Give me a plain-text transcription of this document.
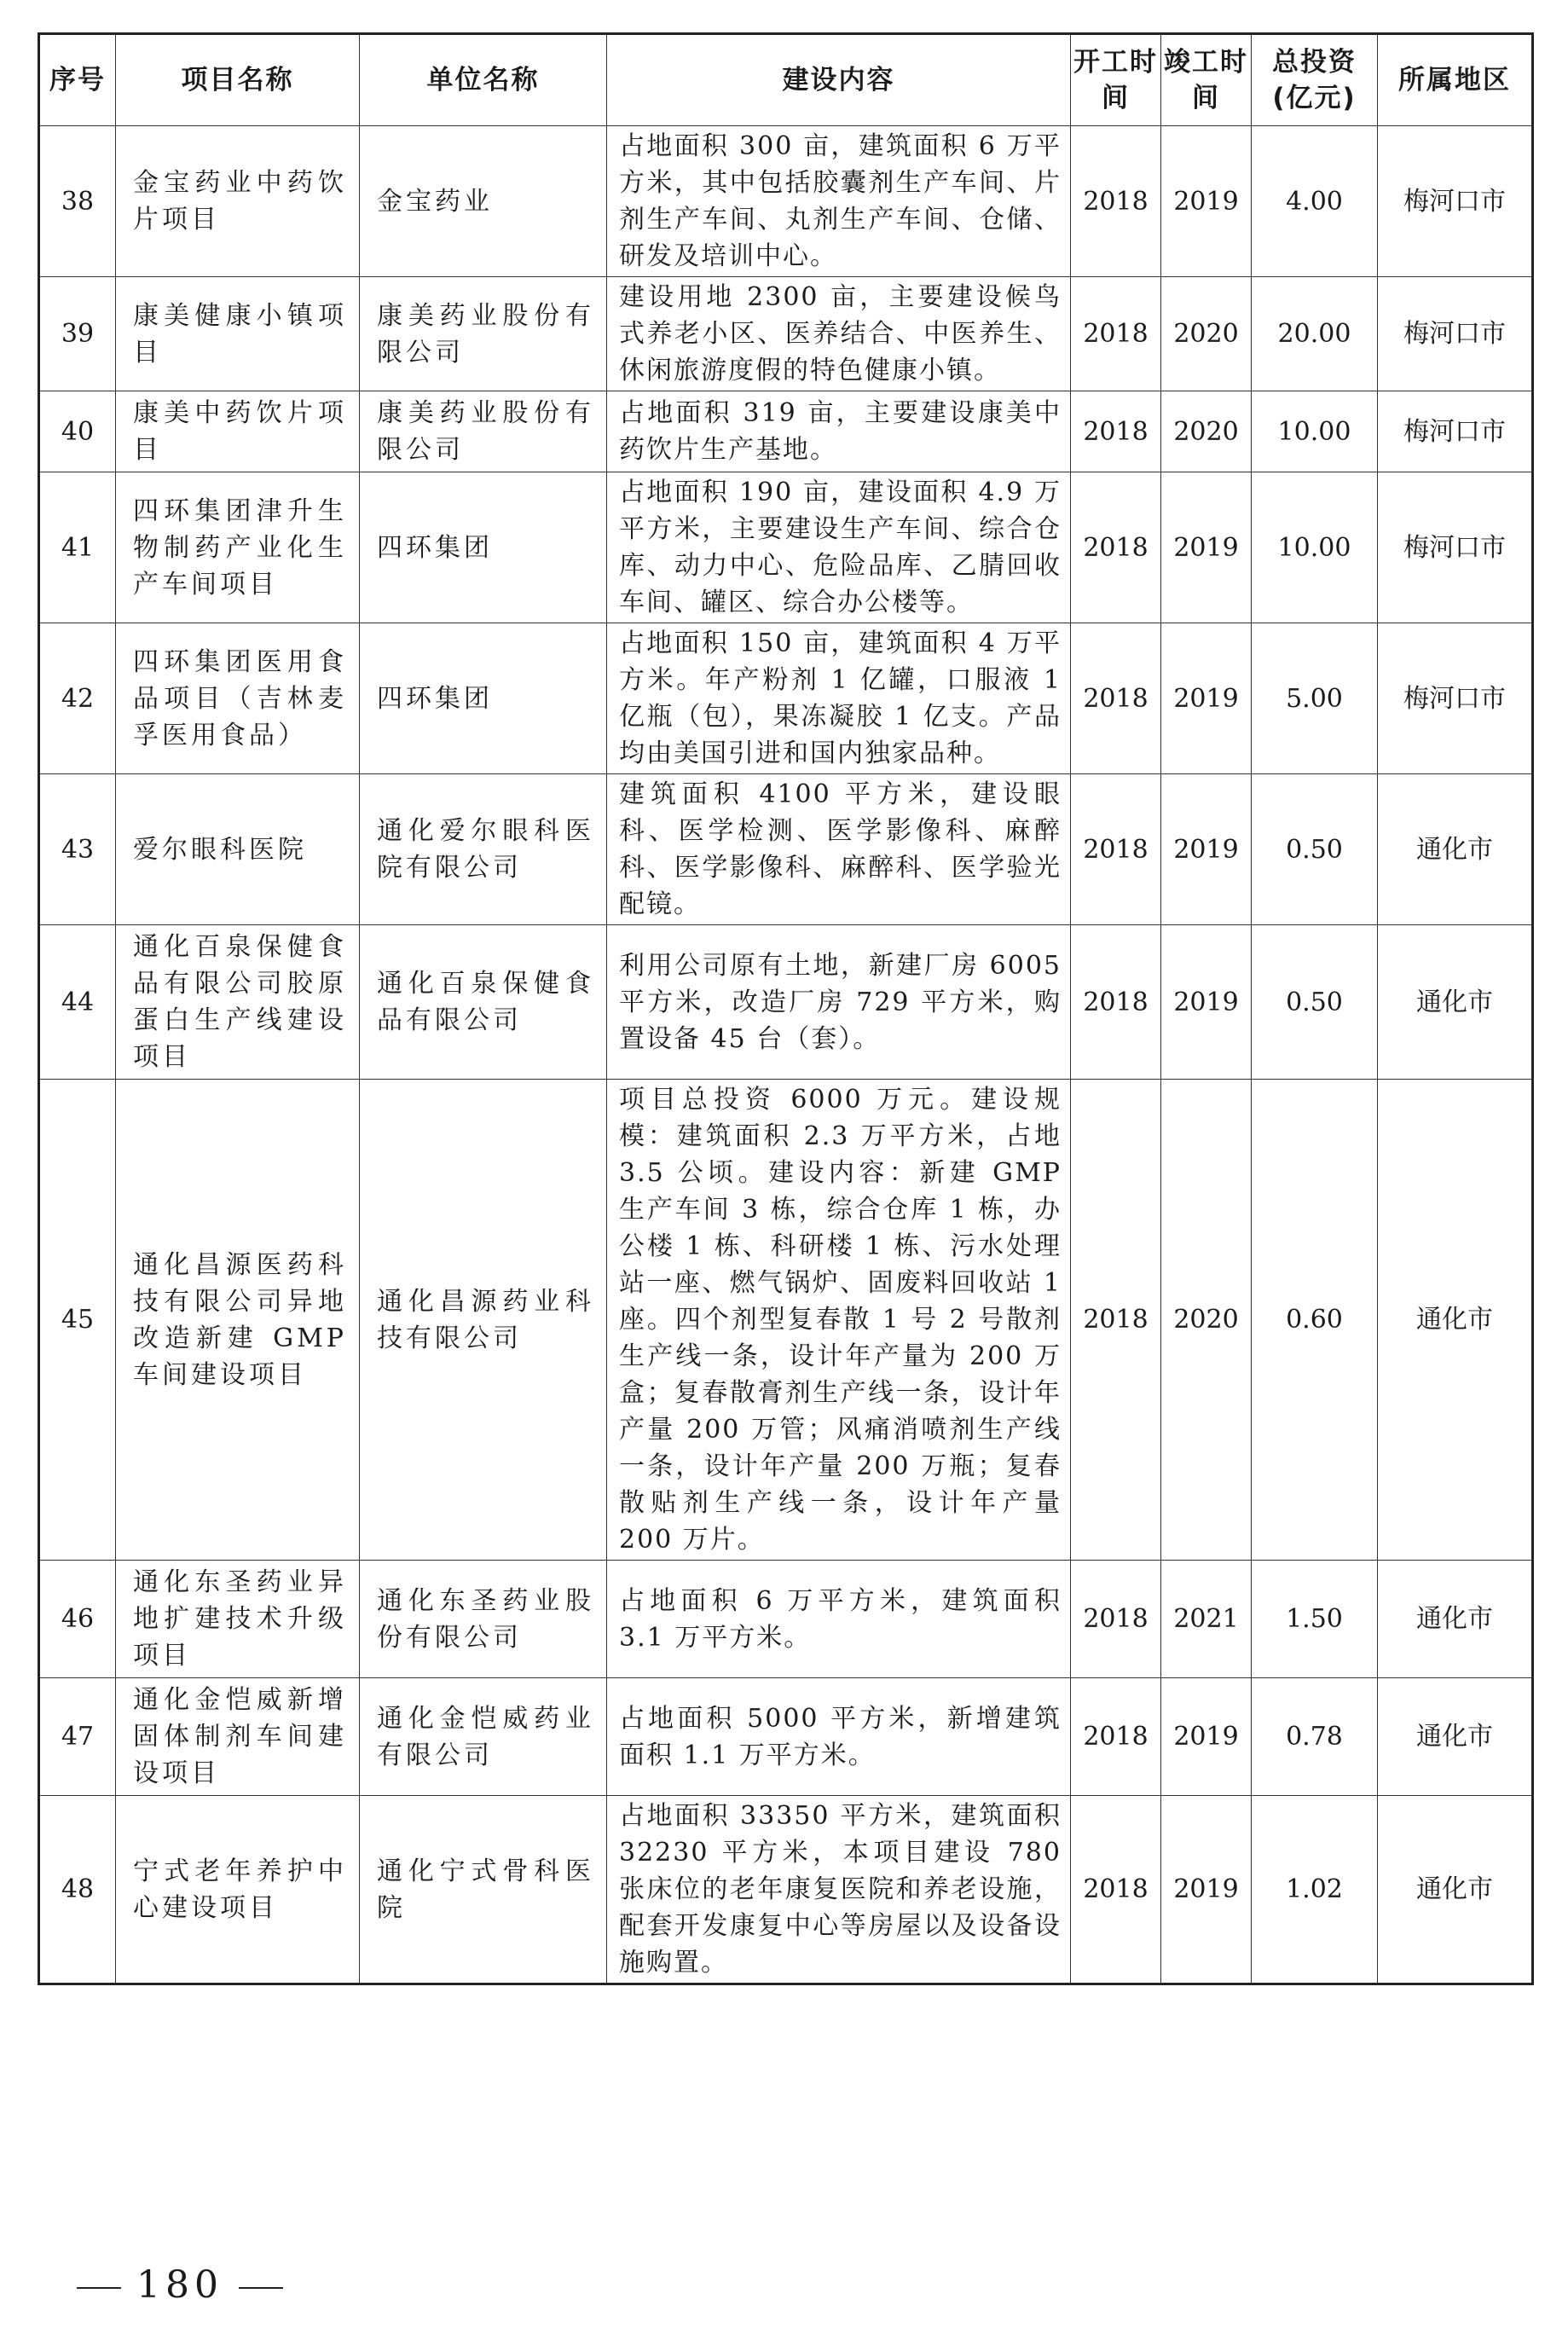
序号	项目名称	单位名称	建设内容	开工时间	竣工时间	总投资(亿元)	所属地区
38	金宝药业中药饮片项目	金宝药业	占地面积 300 亩，建筑面积 6 万平方米，其中包括胶囊剂生产车间、片剂生产车间、丸剂生产车间、仓储、研发及培训中心。	2018	2019	4.00	梅河口市
39	康美健康小镇项目	康美药业股份有限公司	建设用地 2300 亩，主要建设候鸟式养老小区、医养结合、中医养生、休闲旅游度假的特色健康小镇。	2018	2020	20.00	梅河口市
40	康美中药饮片项目	康美药业股份有限公司	占地面积 319 亩，主要建设康美中药饮片生产基地。	2018	2020	10.00	梅河口市
41	四环集团津升生物制药产业化生产车间项目	四环集团	占地面积 190 亩，建设面积 4.9 万平方米，主要建设生产车间、综合仓库、动力中心、危险品库、乙腈回收车间、罐区、综合办公楼等。	2018	2019	10.00	梅河口市
42	四环集团医用食品项目（吉林麦孚医用食品）	四环集团	占地面积 150 亩，建筑面积 4 万平方米。年产粉剂 1 亿罐，口服液 1 亿瓶（包），果冻凝胶 1 亿支。产品均由美国引进和国内独家品种。	2018	2019	5.00	梅河口市
43	爱尔眼科医院	通化爱尔眼科医院有限公司	建筑面积 4100 平方米，建设眼科、医学检测、医学影像科、麻醉科、医学影像科、麻醉科、医学验光配镜。	2018	2019	0.50	通化市
44	通化百泉保健食品有限公司胶原蛋白生产线建设项目	通化百泉保健食品有限公司	利用公司原有土地，新建厂房 6005 平方米，改造厂房 729 平方米，购置设备 45 台（套）。	2018	2019	0.50	通化市
45	通化昌源医药科技有限公司异地改造新建 GMP 车间建设项目	通化昌源药业科技有限公司	项目总投资 6000 万元。建设规模：建筑面积 2.3 万平方米，占地 3.5 公顷。建设内容：新建 GMP 生产车间 3 栋，综合仓库 1 栋，办公楼 1 栋、科研楼 1 栋、污水处理站一座、燃气锅炉、固废料回收站 1 座。四个剂型复春散 1 号 2 号散剂生产线一条，设计年产量为 200 万盒；复春散膏剂生产线一条，设计年产量 200 万管；风痛消喷剂生产线一条，设计年产量 200 万瓶；复春散贴剂生产线一条，设计年产量 200 万片。	2018	2020	0.60	通化市
46	通化东圣药业异地扩建技术升级项目	通化东圣药业股份有限公司	占地面积 6 万平方米，建筑面积 3.1 万平方米。	2018	2021	1.50	通化市
47	通化金恺威新增固体制剂车间建设项目	通化金恺威药业有限公司	占地面积 5000 平方米，新增建筑面积 1.1 万平方米。	2018	2019	0.78	通化市
48	宁式老年养护中心建设项目	通化宁式骨科医院	占地面积 33350 平方米，建筑面积 32230 平方米，本项目建设 780 张床位的老年康复医院和养老设施，配套开发康复中心等房屋以及设备设施购置。	2018	2019	1.02	通化市
180
